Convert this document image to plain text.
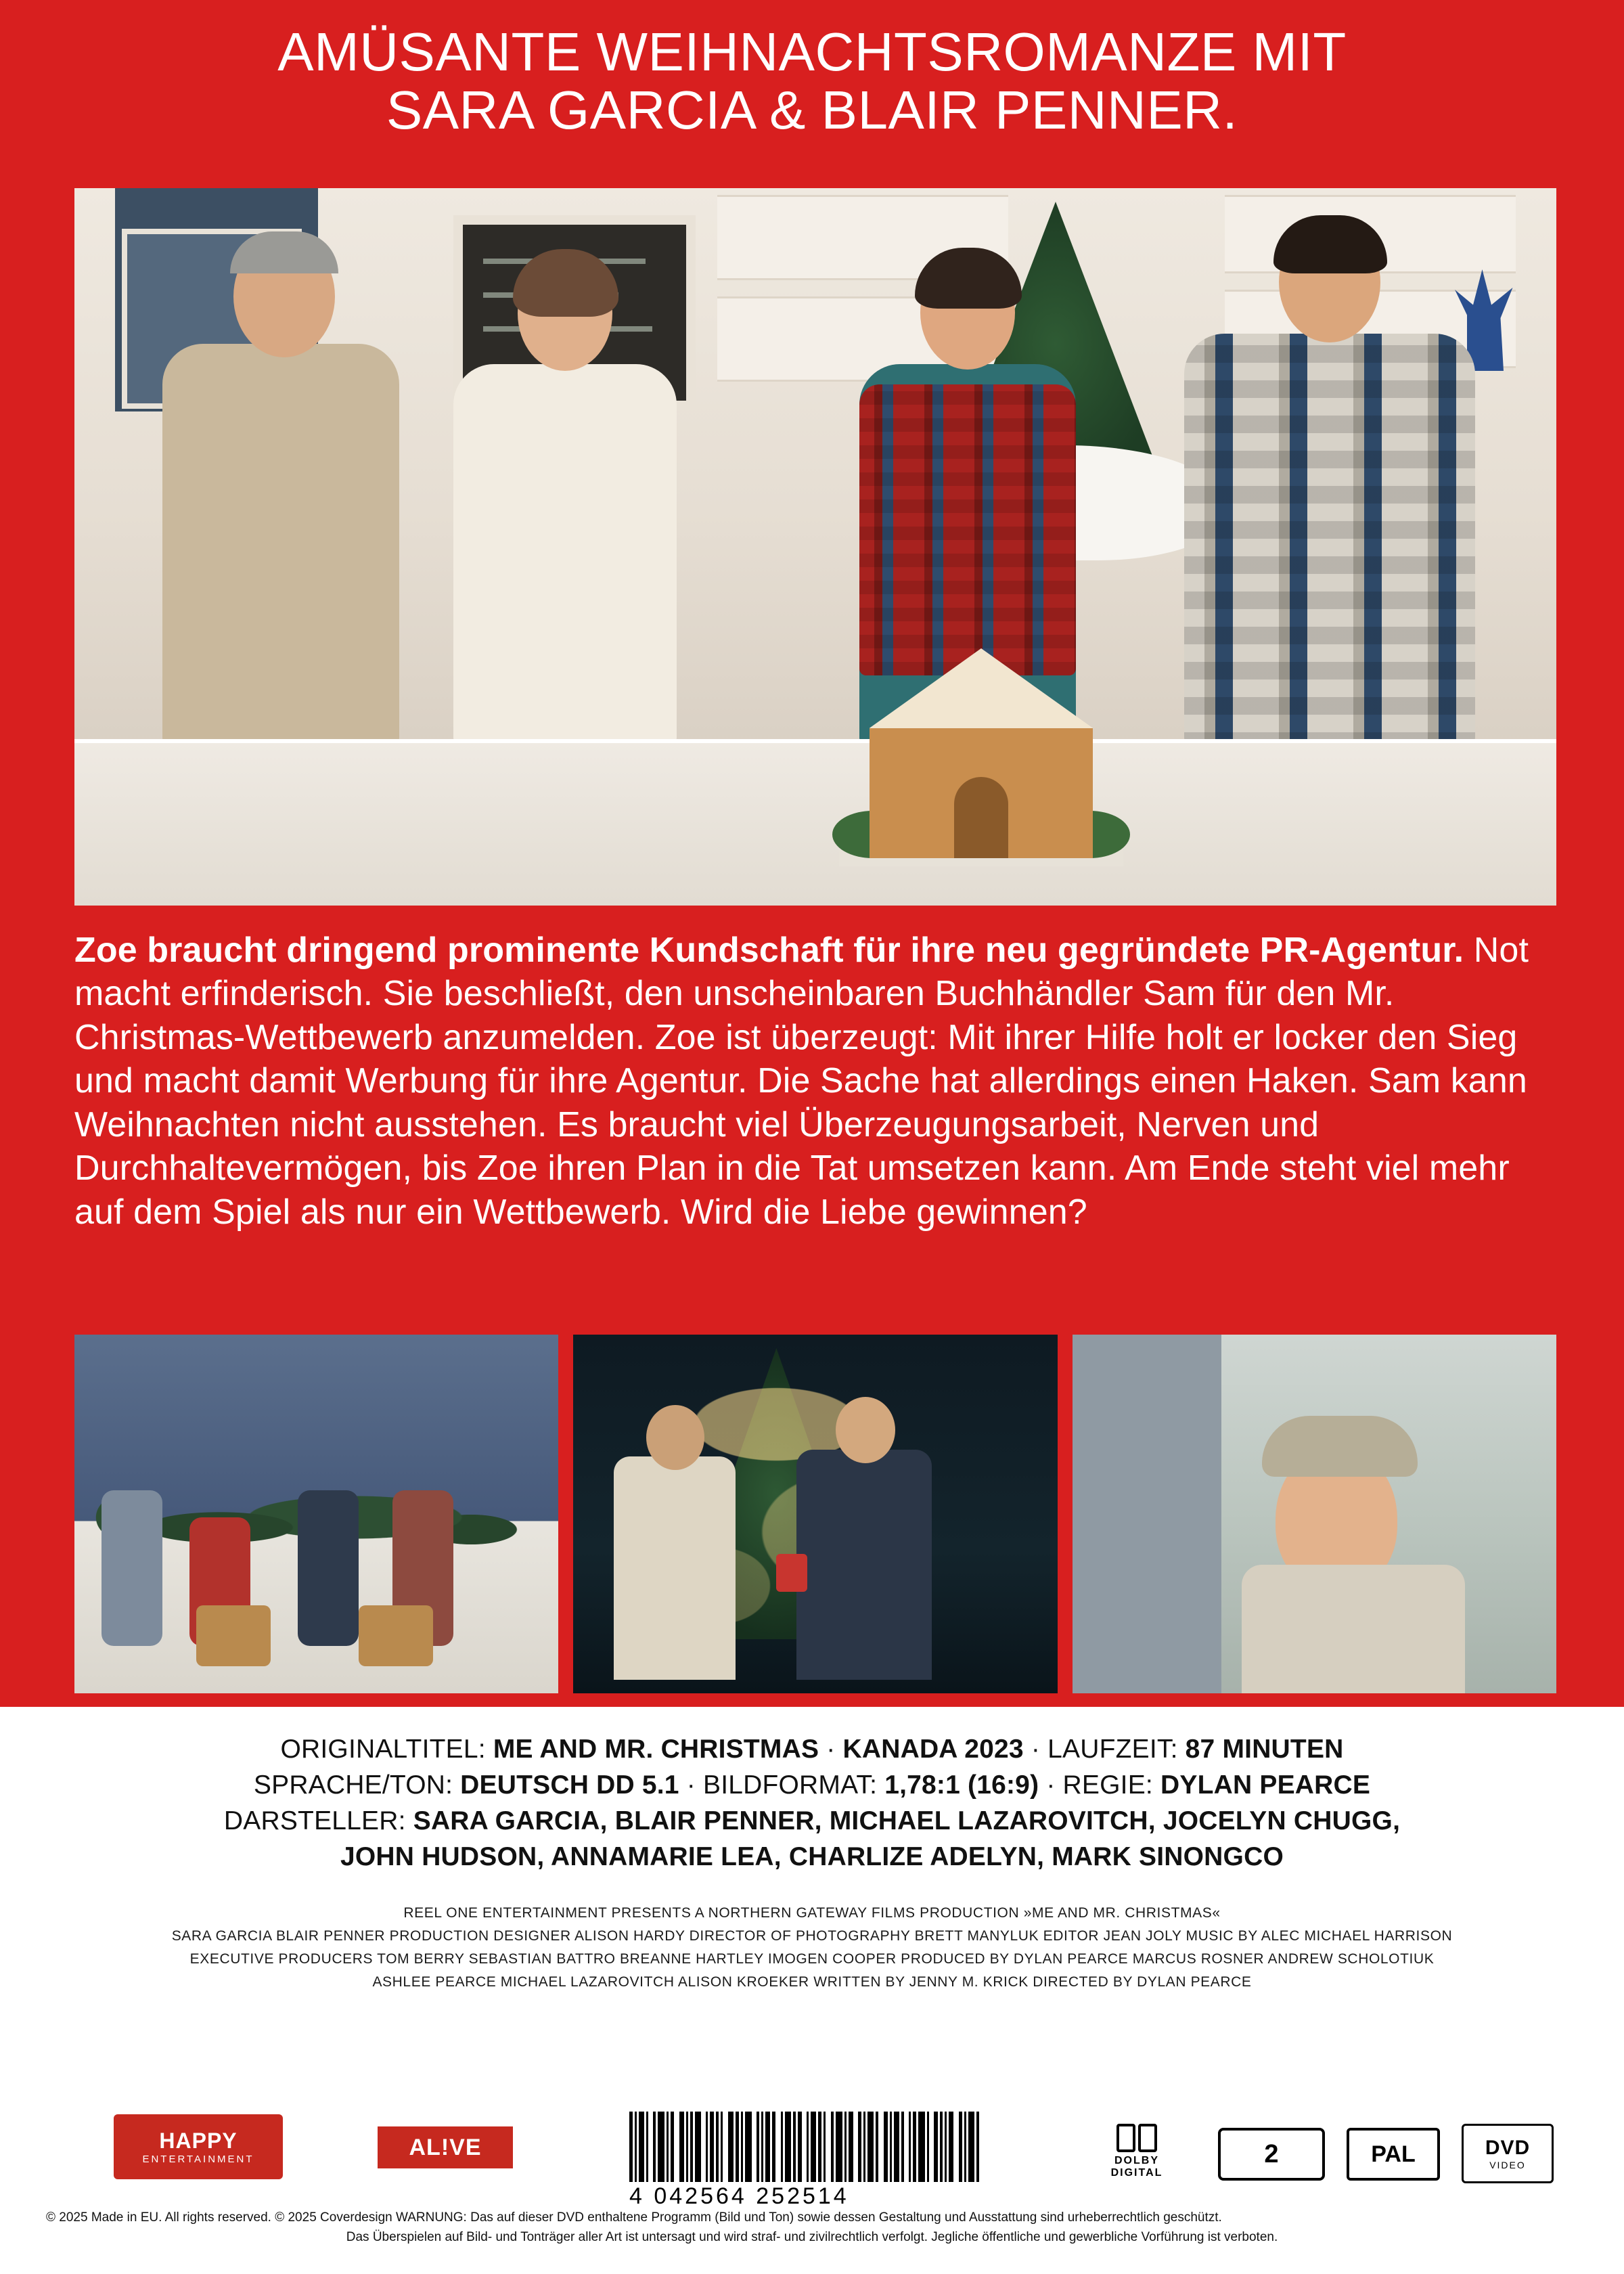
AMÜSANTE WEIHNACHTSROMANZE MIT
SARA GARCIA & BLAIR PENNER.
Zoe braucht dringend prominente Kundschaft für ihre neu gegründete PR-Agentur. Not macht erfinderisch. Sie beschließt, den unscheinbaren Buchhändler Sam für den Mr. Christmas-Wettbewerb anzumelden. Zoe ist überzeugt: Mit ihrer Hilfe holt er locker den Sieg und macht damit Werbung für ihre Agentur. Die Sache hat allerdings einen Haken. Sam kann Weihnachten nicht ausstehen. Es braucht viel Überzeugungsarbeit, Nerven und Durchhaltevermögen, bis Zoe ihren Plan in die Tat umsetzen kann. Am Ende steht viel mehr auf dem Spiel als nur ein Wettbewerb. Wird die Liebe gewinnen?
ORIGINALTITEL: ME AND MR. CHRISTMAS · KANADA 2023 · LAUFZEIT: 87 MINUTEN
SPRACHE/TON: DEUTSCH DD 5.1 · BILDFORMAT: 1,78:1 (16:9) · REGIE: DYLAN PEARCE
DARSTELLER: SARA GARCIA, BLAIR PENNER, MICHAEL LAZAROVITCH, JOCELYN CHUGG,
JOHN HUDSON, ANNAMARIE LEA, CHARLIZE ADELYN, MARK SINONGCO
REEL ONE ENTERTAINMENT PRESENTS A NORTHERN GATEWAY FILMS PRODUCTION »ME AND MR. CHRISTMAS«
SARA GARCIA BLAIR PENNER PRODUCTION DESIGNER ALISON HARDY DIRECTOR OF PHOTOGRAPHY BRETT MANYLUK EDITOR JEAN JOLY MUSIC BY ALEC MICHAEL HARRISON
EXECUTIVE PRODUCERS TOM BERRY SEBASTIAN BATTRO BREANNE HARTLEY IMOGEN COOPER PRODUCED BY DYLAN PEARCE MARCUS ROSNER ANDREW SCHOLOTIUK
ASHLEE PEARCE MICHAEL LAZAROVITCH ALISON KROEKER WRITTEN BY JENNY M. KRICK DIRECTED BY DYLAN PEARCE
HAPPY
ENTERTAINMENT	AL!VE

4 042564 252514
DOLBY
DIGITAL
2	PAL	DVD
VIDEO
© 2025 Made in EU. All rights reserved. © 2025 Coverdesign WARNUNG: Das auf dieser DVD enthaltene Programm (Bild und Ton) sowie dessen Gestaltung und Ausstattung sind urheberrechtlich geschützt.
Das Überspielen auf Bild- und Tonträger aller Art ist untersagt und wird straf- und zivilrechtlich verfolgt. Jegliche öffentliche und gewerbliche Vorführung ist verboten.
